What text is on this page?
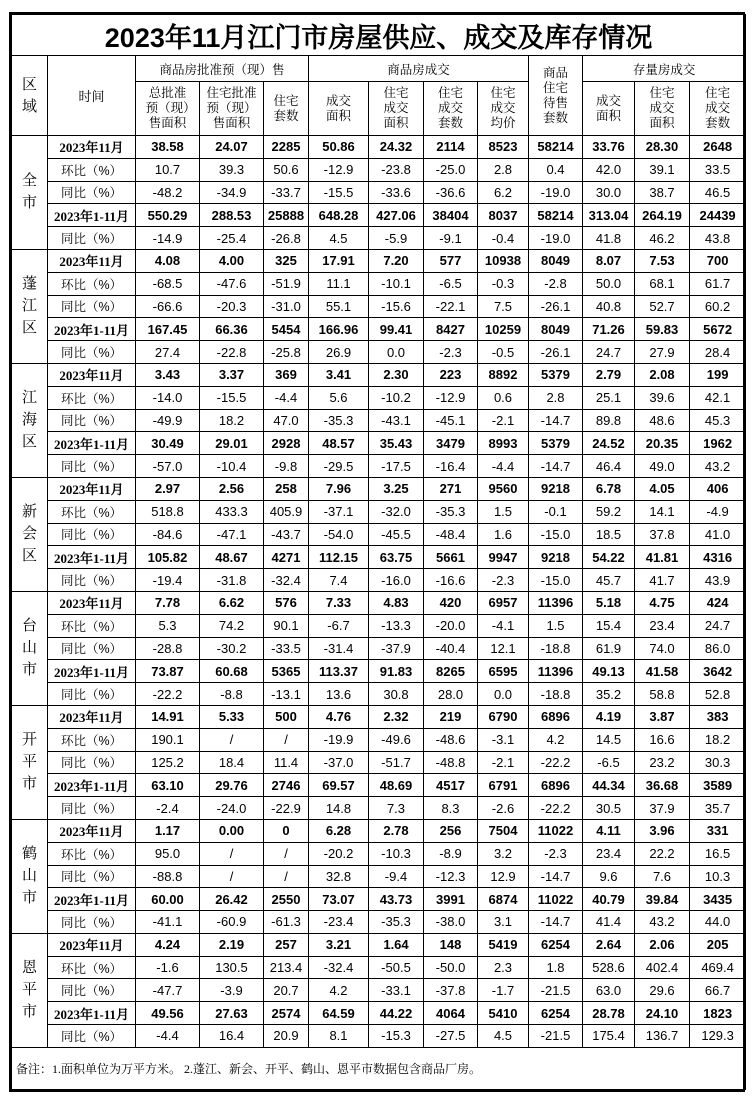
2023年11月江门市房屋供应、成交及库存情况												

区域	时间	商品房批准预（现）售			商品房成交				商品住宅待售套数	存量房成交		

		总批准预（现）售面积	住宅批准预（现）售面积	住宅套数	成交面积	住宅成交面积	住宅成交套数	住宅成交均价		成交面积	住宅成交面积	住宅成交套数

全市	2023年11月	38.58	24.07	2285	50.86	24.32	2114	8523	58214	33.76	28.30	2648
	环比（%）	10.7	39.3	50.6	-12.9	-23.8	-25.0	2.8	0.4	42.0	39.1	33.5
	同比（%）	-48.2	-34.9	-33.7	-15.5	-33.6	-36.6	6.2	-19.0	30.0	38.7	46.5
	2023年1-11月	550.29	288.53	25888	648.28	427.06	38404	8037	58214	313.04	264.19	24439
	同比（%）	-14.9	-25.4	-26.8	4.5	-5.9	-9.1	-0.4	-19.0	41.8	46.2	43.8

蓬江区	2023年11月	4.08	4.00	325	17.91	7.20	577	10938	8049	8.07	7.53	700
	环比（%）	-68.5	-47.6	-51.9	11.1	-10.1	-6.5	-0.3	-2.8	50.0	68.1	61.7
	同比（%）	-66.6	-20.3	-31.0	55.1	-15.6	-22.1	7.5	-26.1	40.8	52.7	60.2
	2023年1-11月	167.45	66.36	5454	166.96	99.41	8427	10259	8049	71.26	59.83	5672
	同比（%）	27.4	-22.8	-25.8	26.9	0.0	-2.3	-0.5	-26.1	24.7	27.9	28.4

江海区	2023年11月	3.43	3.37	369	3.41	2.30	223	8892	5379	2.79	2.08	199
	环比（%）	-14.0	-15.5	-4.4	5.6	-10.2	-12.9	0.6	2.8	25.1	39.6	42.1
	同比（%）	-49.9	18.2	47.0	-35.3	-43.1	-45.1	-2.1	-14.7	89.8	48.6	45.3
	2023年1-11月	30.49	29.01	2928	48.57	35.43	3479	8993	5379	24.52	20.35	1962
	同比（%）	-57.0	-10.4	-9.8	-29.5	-17.5	-16.4	-4.4	-14.7	46.4	49.0	43.2

新会区	2023年11月	2.97	2.56	258	7.96	3.25	271	9560	9218	6.78	4.05	406
	环比（%）	518.8	433.3	405.9	-37.1	-32.0	-35.3	1.5	-0.1	59.2	14.1	-4.9
	同比（%）	-84.6	-47.1	-43.7	-54.0	-45.5	-48.4	1.6	-15.0	18.5	37.8	41.0
	2023年1-11月	105.82	48.67	4271	112.15	63.75	5661	9947	9218	54.22	41.81	4316
	同比（%）	-19.4	-31.8	-32.4	7.4	-16.0	-16.6	-2.3	-15.0	45.7	41.7	43.9

台山市	2023年11月	7.78	6.62	576	7.33	4.83	420	6957	11396	5.18	4.75	424
	环比（%）	5.3	74.2	90.1	-6.7	-13.3	-20.0	-4.1	1.5	15.4	23.4	24.7
	同比（%）	-28.8	-30.2	-33.5	-31.4	-37.9	-40.4	12.1	-18.8	61.9	74.0	86.0
	2023年1-11月	73.87	60.68	5365	113.37	91.83	8265	6595	11396	49.13	41.58	3642
	同比（%）	-22.2	-8.8	-13.1	13.6	30.8	28.0	0.0	-18.8	35.2	58.8	52.8

开平市	2023年11月	14.91	5.33	500	4.76	2.32	219	6790	6896	4.19	3.87	383
	环比（%）	190.1	/	/	-19.9	-49.6	-48.6	-3.1	4.2	14.5	16.6	18.2
	同比（%）	125.2	18.4	11.4	-37.0	-51.7	-48.8	-2.1	-22.2	-6.5	23.2	30.3
	2023年1-11月	63.10	29.76	2746	69.57	48.69	4517	6791	6896	44.34	36.68	3589
	同比（%）	-2.4	-24.0	-22.9	14.8	7.3	8.3	-2.6	-22.2	30.5	37.9	35.7

鹤山市	2023年11月	1.17	0.00	0	6.28	2.78	256	7504	11022	4.11	3.96	331
	环比（%）	95.0	/	/	-20.2	-10.3	-8.9	3.2	-2.3	23.4	22.2	16.5
	同比（%）	-88.8	/	/	32.8	-9.4	-12.3	12.9	-14.7	9.6	7.6	10.3
	2023年1-11月	60.00	26.42	2550	73.07	43.73	3991	6874	11022	40.79	39.84	3435
	同比（%）	-41.1	-60.9	-61.3	-23.4	-35.3	-38.0	3.1	-14.7	41.4	43.2	44.0

恩平市	2023年11月	4.24	2.19	257	3.21	1.64	148	5419	6254	2.64	2.06	205
	环比（%）	-1.6	130.5	213.4	-32.4	-50.5	-50.0	2.3	1.8	528.6	402.4	469.4
	同比（%）	-47.7	-3.9	20.7	4.2	-33.1	-37.8	-1.7	-21.5	63.0	29.6	66.7
	2023年1-11月	49.56	27.63	2574	64.59	44.22	4064	5410	6254	28.78	24.10	1823
	同比（%）	-4.4	16.4	20.9	8.1	-15.3	-27.5	4.5	-21.5	175.4	136.7	129.3
备注：1.面积单位为万平方米。 2.蓬江、新会、开平、鹤山、恩平市数据包含商品厂房。												
